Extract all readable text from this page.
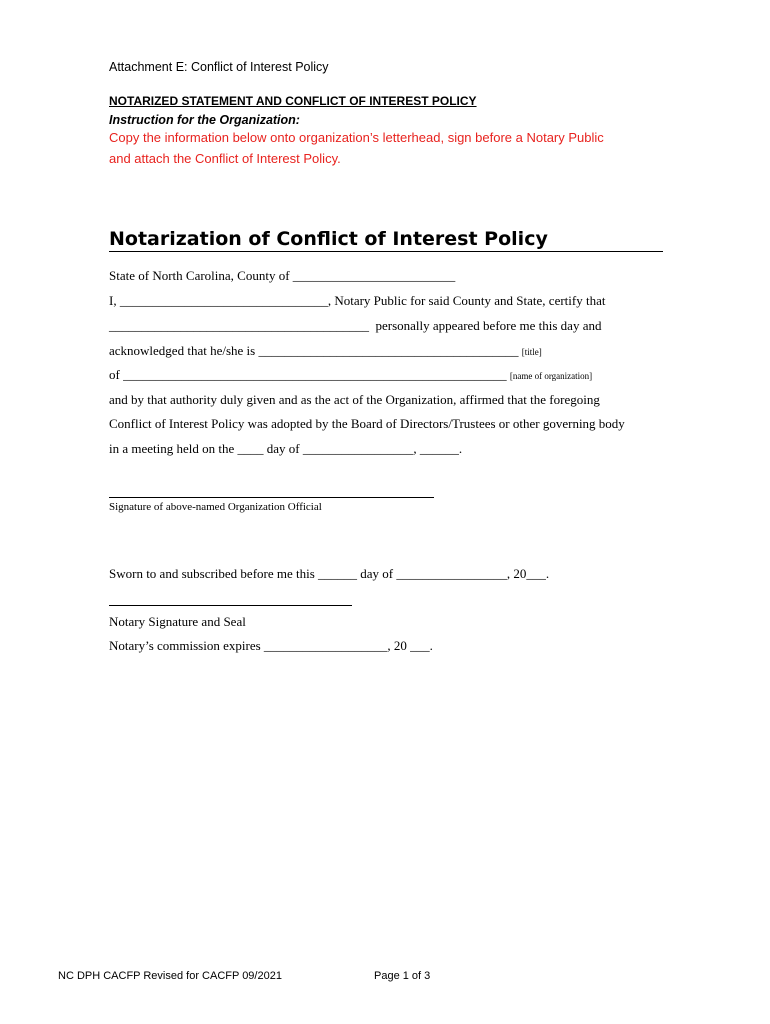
Attachment E: Conflict of Interest Policy
NOTARIZED STATEMENT AND CONFLICT OF INTEREST POLICY
Instruction for the Organization:
Copy the information below onto organization’s letterhead, sign before a Notary Public
and attach the Conflict of Interest Policy.
Notarization of Conflict of Interest Policy
State of North Carolina, County of _________________________
I, ________________________________, Notary Public for said County and State, certify that
________________________________________  personally appeared before me this day and
acknowledged that he/she is ________________________________________ [title]
of ___________________________________________________________ [name of organization]
and by that authority duly given and as the act of the Organization, affirmed that the foregoing
Conflict of Interest Policy was adopted by the Board of Directors/Trustees or other governing body
in a meeting held on the ____ day of _________________, ______.
Signature of above-named Organization Official
Sworn to and subscribed before me this ______ day of _________________, 20___.
Notary Signature and Seal
Notary’s commission expires ___________________, 20 ___.
NC DPH CACFP Revised for CACFP 09/2021	Page 1 of 3
